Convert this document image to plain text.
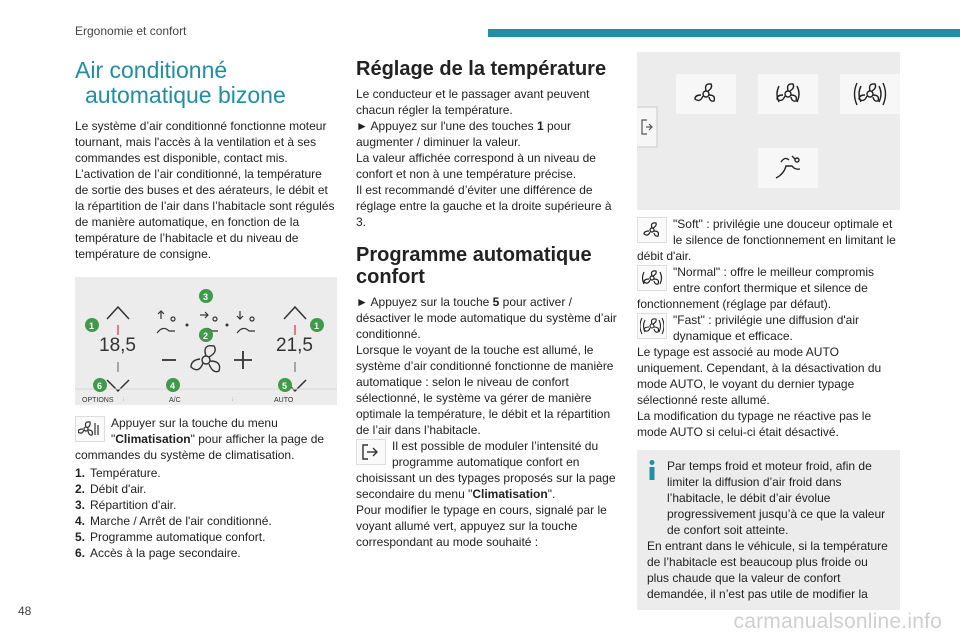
Ergonomie et confort
Air conditionné
automatique bizone

Le système d’air conditionné fonctionne moteur tournant, mais l'accès à la ventilation et à ses commandes est disponible, contact mis.

L’activation de l’air conditionné, la température de sortie des buses et des aérateurs, le débit et la répartition de l’air dans l’habitacle sont régulés de manière automatique, en fonction de la température de l’habitacle et du niveau de température de consigne.

⋮	⋮
18,5	21,5
OPTIONS	A/C	AUTO
1	1
3
2
6	4	5

Appuyer sur la touche du menu "Climatisation" pour afficher la page de commandes du système de climatisation.

1. Température.
2. Débit d'air.
3. Répartition d'air.
4. Marche / Arrêt de l'air conditionné.
5. Programme automatique confort.
6. Accès à la page secondaire.
Réglage de la température

Le conducteur et le passager avant peuvent chacun régler la température.

► Appuyez sur l'une des touches 1 pour augmenter / diminuer la valeur.

La valeur affichée correspond à un niveau de confort et non à une température précise.

Il est recommandé d’éviter une différence de réglage entre la gauche et la droite supérieure à 3.

Programme automatique
confort

► Appuyez sur la touche 5 pour activer / désactiver le mode automatique du système d’air conditionné.

Lorsque le voyant de la touche est allumé, le système d’air conditionné fonctionne de manière automatique : selon le niveau de confort sélectionné, le système va gérer de manière optimale la température, le débit et la répartition de l’air dans l’habitacle.

Il est possible de moduler l’intensité du programme automatique confort en choisissant un des typages proposés sur la page secondaire du menu "Climatisation".

Pour modifier le typage en cours, signalé par le voyant allumé vert, appuyez sur la touche correspondant au mode souhaité :

"Soft" : privilégie une douceur optimale et le silence de fonctionnement en limitant le débit d'air.

"Normal" : offre le meilleur compromis entre confort thermique et silence de fonctionnement (réglage par défaut).

"Fast" : privilégie une diffusion d'air dynamique et efficace.

Le typage est associé au mode AUTO uniquement. Cependant, à la désactivation du mode AUTO, le voyant du dernier typage sélectionné reste allumé.

La modification du typage ne réactive pas le mode AUTO si celui-ci était désactivé.

Par temps froid et moteur froid, afin de limiter la diffusion d’air froid dans l’habitacle, le débit d’air évolue progressivement jusqu’à ce que la valeur de confort soit atteinte.

En entrant dans le véhicule, si la température de l’habitacle est beaucoup plus froide ou plus chaude que la valeur de confort demandée, il n’est pas utile de modifier la

48	carmanualsonline.info
